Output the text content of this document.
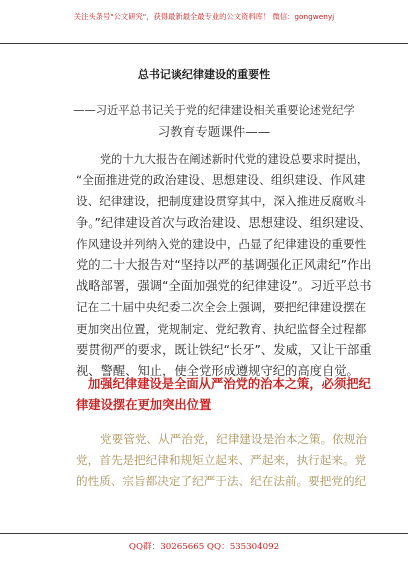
关注头条号"公文研究"，获得最新最全最专业的公文资料库！ 微信：gongwenyj
总书记谈纪律建设的重要性
——习近平总书记关于党的纪律建设相关重要论述党纪学
习教育专题课件——
党的十九大报告在阐述新时代党的建设总要求时提出，
“全面推进党的政治建设、思想建设、组织建设、作风建
设、纪律建设，把制度建设贯穿其中，深入推进反腐败斗
争。”纪律建设首次与政治建设、思想建设、组织建设、
作风建设并列纳入党的建设中，凸显了纪律建设的重要性
党的二十大报告对“坚持以严的基调强化正风肃纪”作出
战略部署，强调“全面加强党的纪律建设”。习近平总书
记在二十届中央纪委二次全会上强调，要把纪律建设摆在
更加突出位置，党规制定、党纪教育、执纪监督全过程都
要贯彻严的要求，既让铁纪“长牙”、发威，又让干部重
视、警醒、知止，使全党形成遵规守纪的高度自觉。
加强纪律建设是全面从严治党的治本之策，必须把纪
律建设摆在更加突出位置
党要管党、从严治党，纪律建设是治本之策。依规治
党，首先是把纪律和规矩立起来、严起来，执行起来。党
的性质、宗旨都决定了纪严于法、纪在法前。要把党的纪
QQ群：30265665 QQ：535304092
